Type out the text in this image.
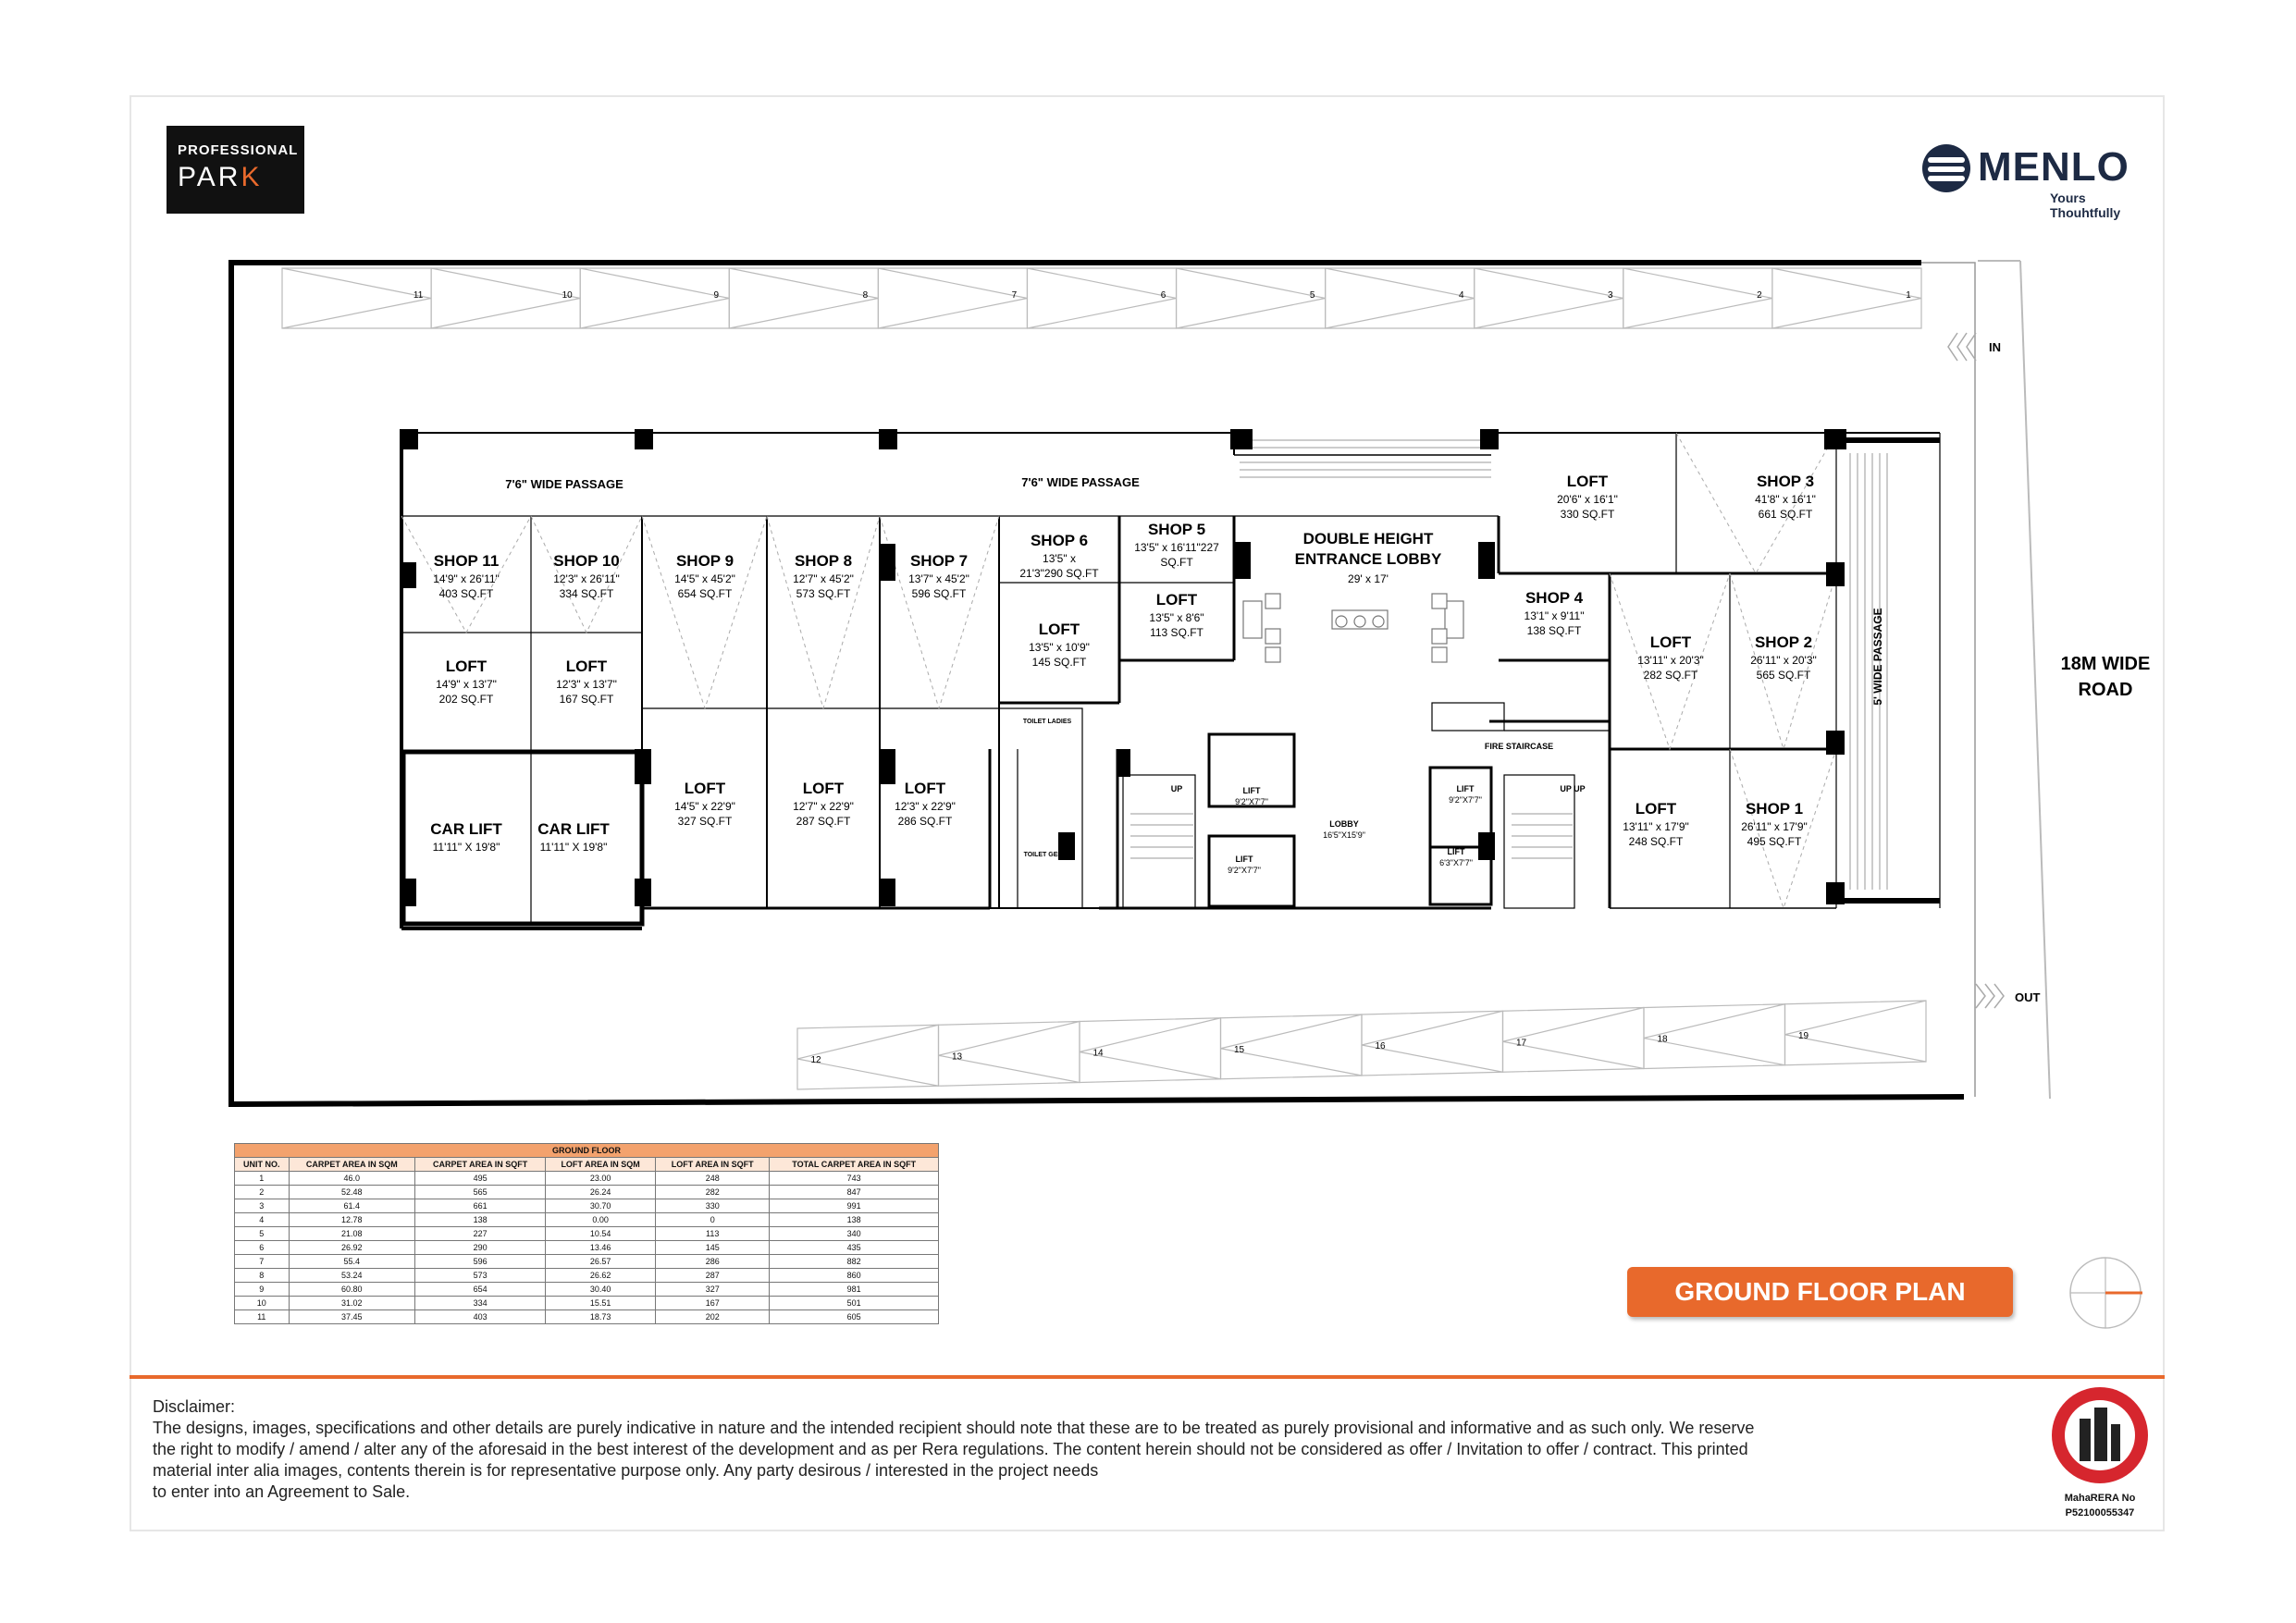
PROFESSIONAL
PARK	MENLO
Yours Thouhtfully
11	10	9	8	7	6	5	4	3	2	1
12	13	14	15	16	17	18	19
IN
OUT
18M WIDE
ROAD
7'6" WIDE PASSAGE	7'6" WIDE PASSAGE
5' WIDE PASSAGE
DOUBLE HEIGHT
ENTRANCE LOBBY
29' x 17'
LOBBY
16'5"X15'9"
FIRE STAIRCASE
TOILET LADIES
TOILET GENTS
UP	UP UP
LIFT
9'2"X7'7"
LIFT
9'2"X7'7"
LIFT
9'2"X7'7"
LIFT
6'3"X7'7"
SHOP 11
14'9" x 26'11"
403 SQ.FT
LOFT
14'9" x 13'7"
202 SQ.FT
SHOP 10
12'3" x 26'11"
334 SQ.FT
LOFT
12'3" x 13'7"
167 SQ.FT
SHOP 9
14'5" x 45'2"
654 SQ.FT
LOFT
14'5" x 22'9"
327 SQ.FT
SHOP 8
12'7" x 45'2"
573 SQ.FT
LOFT
12'7" x 22'9"
287 SQ.FT
SHOP 7
13'7" x 45'2"
596 SQ.FT
LOFT
12'3" x 22'9"
286 SQ.FT
LOFT
13'5" x 10'9"
145 SQ.FT
SHOP 5
13'5" x 16'11"227
SQ.FT
LOFT
13'5" x 8'6"
113 SQ.FT
SHOP 4
13'1" x 9'11"
138 SQ.FT
SHOP 3
41'8" x 16'1"
661 SQ.FT
LOFT
20'6" x 16'1"
330 SQ.FT
SHOP 2
26'11" x 20'3"
565 SQ.FT
LOFT
13'11" x 20'3"
282 SQ.FT
SHOP 1
26'11" x 17'9"
495 SQ.FT
LOFT
13'11" x 17'9"
248 SQ.FT
SHOP 6
13'5" x
21'3"290 SQ.FT
CAR LIFT
11'11" X 19'8"
CAR LIFT
11'11" X 19'8"
GROUND FLOOR					
UNIT NO.	CARPET AREA IN SQM	CARPET AREA IN SQFT	LOFT AREA IN SQM	LOFT AREA IN SQFT	TOTAL CARPET AREA IN SQFT
1	46.0	495	23.00	248	743
2	52.48	565	26.24	282	847
3	61.4	661	30.70	330	991
4	12.78	138	0.00	0	138
5	21.08	227	10.54	113	340
6	26.92	290	13.46	145	435
7	55.4	596	26.57	286	882
8	53.24	573	26.62	287	860
9	60.80	654	30.40	327	981
10	31.02	334	15.51	167	501
11	37.45	403	18.73	202	605
GROUND FLOOR PLAN

Disclaimer:

The designs, images, specifications and other details are purely indicative in nature and the intended recipient should note that these are to be treated as purely provisional and informative and as such only. We reserve

the right to modify / amend / alter any of the aforesaid in the best interest of the development and as per Rera regulations. The content herein should not be considered as offer / Invitation to offer / contract. This printed

material inter alia images, contents therein is for representative purpose only. Any party desirous / interested in the project needs

to enter into an Agreement to Sale.	MahaRERA No
P52100055347
